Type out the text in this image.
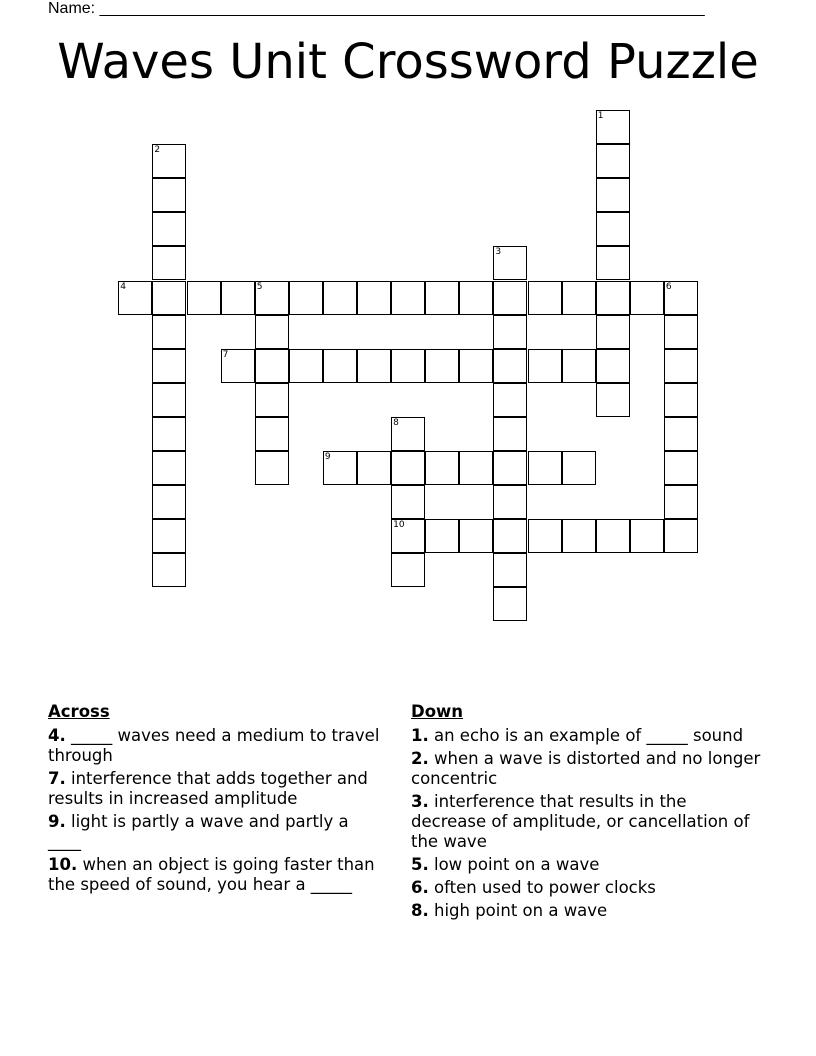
Name: ____________________________________________________________________
Waves Unit Crossword Puzzle
1
2
3
4	5	6
7
8
10
9
Across
4. _____ waves need a medium to travel through
7. interference that adds together and results in increased amplitude
9. light is partly a wave and partly a ____
10. when an object is going faster than the speed of sound, you hear a _____
Down
1. an echo is an example of _____ sound
2. when a wave is distorted and no longer concentric
3. interference that results in the decrease of amplitude, or cancellation of the wave
5. low point on a wave
6. often used to power clocks
8. high point on a wave
